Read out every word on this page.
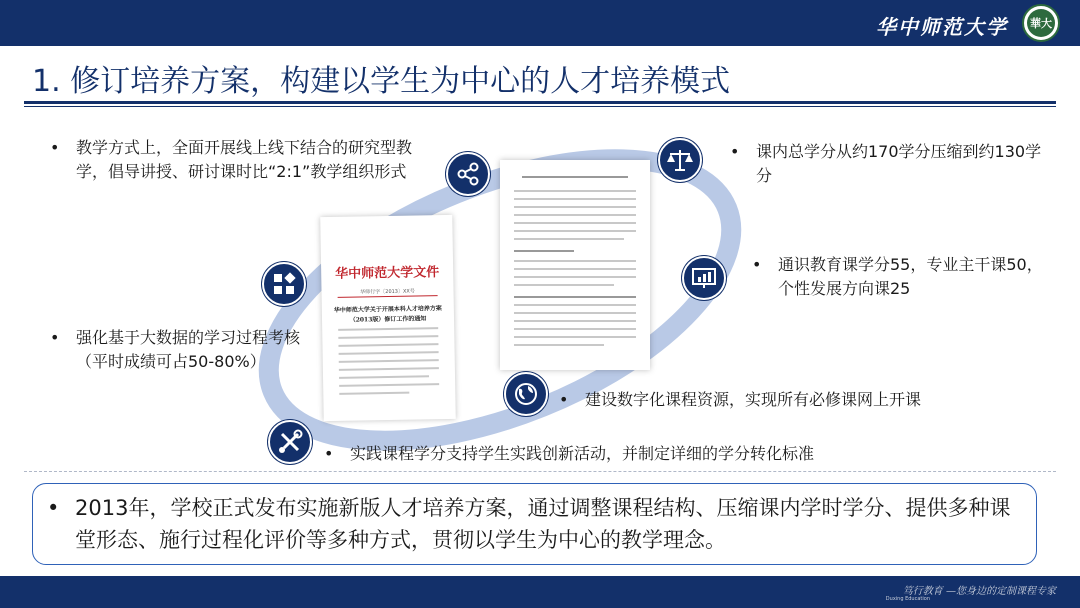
华中师范大学 華大
1. 修订培养方案，构建以学生为中心的人才培养模式
华中师范大学文件
华师行字〔2013〕XX号
华中师范大学关于开展本科人才培养方案
（2013版）修订工作的通知
• 教学方式上，全面开展线上线下结合的研究型教学，倡导讲授、研讨课时比“2:1”教学组织形式
• 课内总学分从约170学分压缩到约130学分
• 通识教育课学分55，专业主干课50，个性发展方向课25
• 强化基于大数据的学习过程考核（平时成绩可占50-80%）
• 建设数字化课程资源，实现所有必修课网上开课
• 实践课程学分支持学生实践创新活动，并制定详细的学分转化标准
• 2013年，学校正式发布实施新版人才培养方案，通过调整课程结构、压缩课内学时学分、提供多种课堂形态、施行过程化评价等多种方式，贯彻以学生为中心的教学理念。
笃行教育 —您身边的定制课程专家
Duxing Education
